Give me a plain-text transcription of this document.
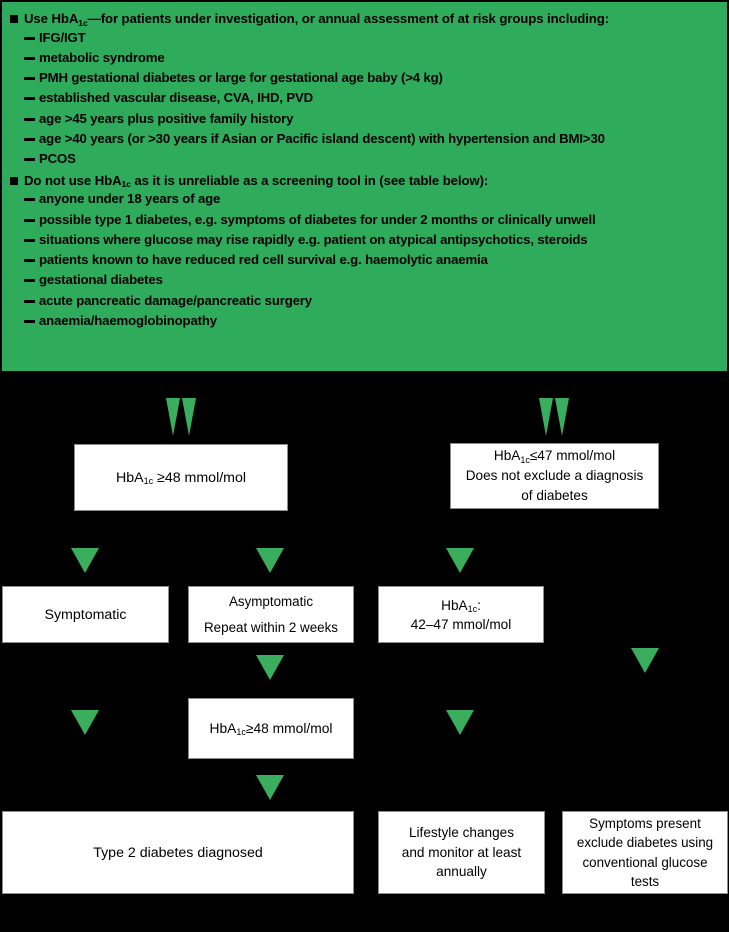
Use HbA$_{1c}$—for patients under investigation, or annual assessment of at risk groups including:
IFG/IGT
metabolic syndrome
PMH gestational diabetes or large for gestational age baby (>4 kg)
established vascular disease, CVA, IHD, PVD
age >45 years plus positive family history
age >40 years (or >30 years if Asian or Pacific island descent) with hypertension and BMI>30
PCOS
Do not use HbA$_{1c}$ as it is unreliable as a screening tool in (see table below):
anyone under 18 years of age
possible type 1 diabetes, e.g. symptoms of diabetes for under 2 months or clinically unwell
situations where glucose may rise rapidly e.g. patient on atypical antipsychotics, steroids
patients known to have reduced red cell survival e.g. haemolytic anaemia
gestational diabetes
acute pancreatic damage/pancreatic surgery
anaemia/haemoglobinopathy
HbA$_{1c}$ ≥48 mmol/mol
HbA$_{1c}$≤47 mmol/mol
Does not exclude a diagnosis
of diabetes
Symptomatic
Asymptomatic
Repeat within 2 weeks
HbA$_{1c}$:
42–47 mmol/mol
HbA$_{1c}$≥48 mmol/mol
Type 2 diabetes diagnosed
Lifestyle changes
and monitor at least
annually
Symptoms present
exclude diabetes using
conventional glucose
tests
